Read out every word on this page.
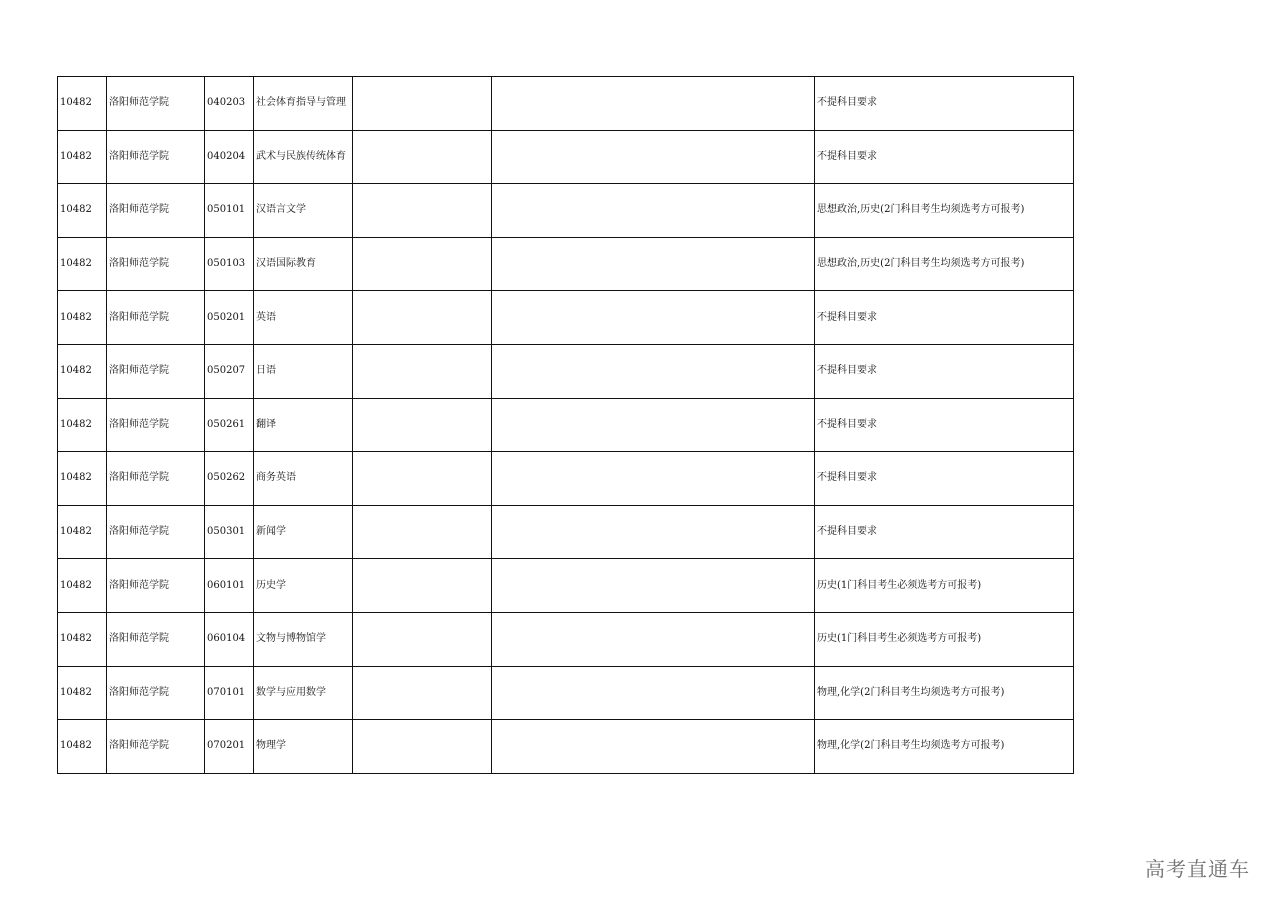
10482	洛阳师范学院	040203	社会体育指导与管理			不提科目要求
10482	洛阳师范学院	040204	武术与民族传统体育			不提科目要求
10482	洛阳师范学院	050101	汉语言文学			思想政治,历史(2门科目考生均须选考方可报考)
10482	洛阳师范学院	050103	汉语国际教育			思想政治,历史(2门科目考生均须选考方可报考)
10482	洛阳师范学院	050201	英语			不提科目要求
10482	洛阳师范学院	050207	日语			不提科目要求
10482	洛阳师范学院	050261	翻译			不提科目要求
10482	洛阳师范学院	050262	商务英语			不提科目要求
10482	洛阳师范学院	050301	新闻学			不提科目要求
10482	洛阳师范学院	060101	历史学			历史(1门科目考生必须选考方可报考)
10482	洛阳师范学院	060104	文物与博物馆学			历史(1门科目考生必须选考方可报考)
10482	洛阳师范学院	070101	数学与应用数学			物理,化学(2门科目考生均须选考方可报考)
10482	洛阳师范学院	070201	物理学			物理,化学(2门科目考生均须选考方可报考)
高考直通车
